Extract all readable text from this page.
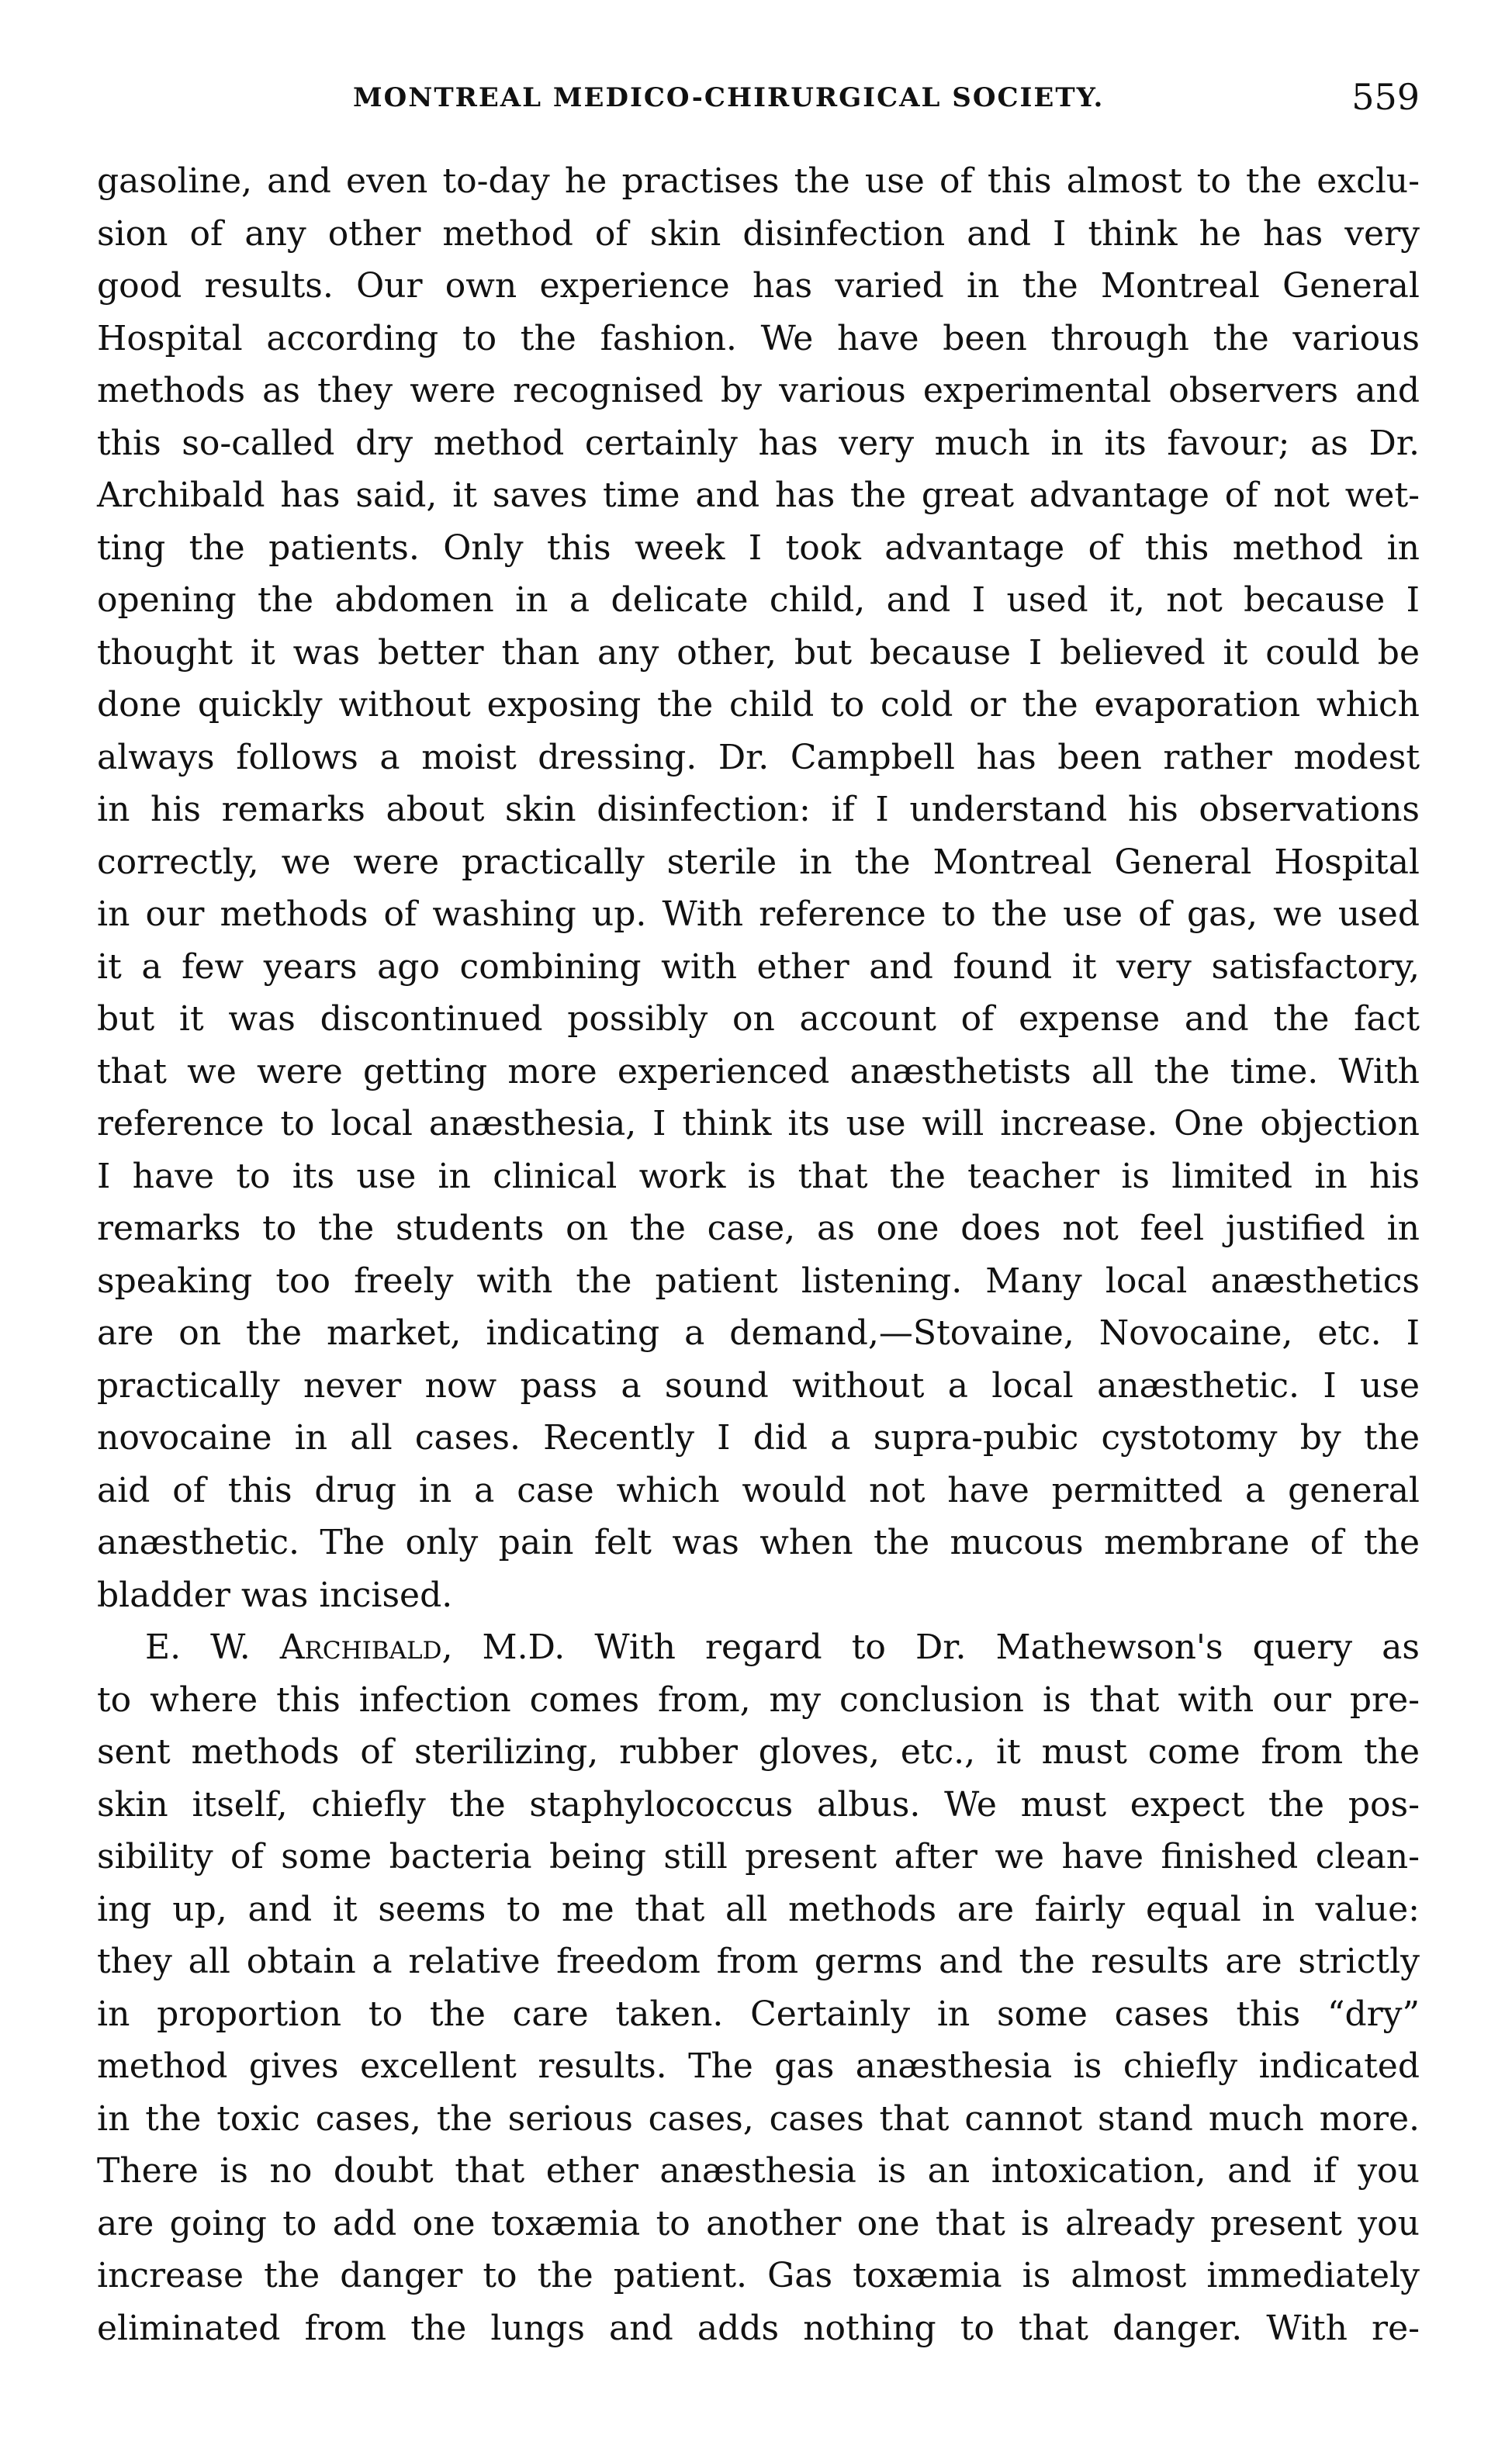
MONTREAL MEDICO-CHIRURGICAL SOCIETY.	559
gasoline, and even to-day he practises the use of this almost to the exclu-
sion of any other method of skin disinfection and I think he has very
good results. Our own experience has varied in the Montreal General
Hospital according to the fashion. We have been through the various
methods as they were recognised by various experimental observers and
this so-called dry method certainly has very much in its favour; as Dr.
Archibald has said, it saves time and has the great advantage of not wet-
ting the patients. Only this week I took advantage of this method in
opening the abdomen in a delicate child, and I used it, not because I
thought it was better than any other, but because I believed it could be
done quickly without exposing the child to cold or the evaporation which
always follows a moist dressing. Dr. Campbell has been rather modest
in his remarks about skin disinfection: if I understand his observations
correctly, we were practically sterile in the Montreal General Hospital
in our methods of washing up. With reference to the use of gas, we used
it a few years ago combining with ether and found it very satisfactory,
but it was discontinued possibly on account of expense and the fact
that we were getting more experienced anæsthetists all the time. With
reference to local anæsthesia, I think its use will increase. One objection
I have to its use in clinical work is that the teacher is limited in his
remarks to the students on the case, as one does not feel justified in
speaking too freely with the patient listening. Many local anæsthetics
are on the market, indicating a demand,—Stovaine, Novocaine, etc. I
practically never now pass a sound without a local anæsthetic. I use
novocaine in all cases. Recently I did a supra-pubic cystotomy by the
aid of this drug in a case which would not have permitted a general
anæsthetic. The only pain felt was when the mucous membrane of the
bladder was incised.
E. W. Archibald, M.D. With regard to Dr. Mathewson's query as
to where this infection comes from, my conclusion is that with our pre-
sent methods of sterilizing, rubber gloves, etc., it must come from the
skin itself, chiefly the staphylococcus albus. We must expect the pos-
sibility of some bacteria being still present after we have finished clean-
ing up, and it seems to me that all methods are fairly equal in value:
they all obtain a relative freedom from germs and the results are strictly
in proportion to the care taken. Certainly in some cases this “dry”
method gives excellent results. The gas anæsthesia is chiefly indicated
in the toxic cases, the serious cases, cases that cannot stand much more.
There is no doubt that ether anæsthesia is an intoxication, and if you
are going to add one toxæmia to another one that is already present you
increase the danger to the patient. Gas toxæmia is almost immediately
eliminated from the lungs and adds nothing to that danger. With re-
